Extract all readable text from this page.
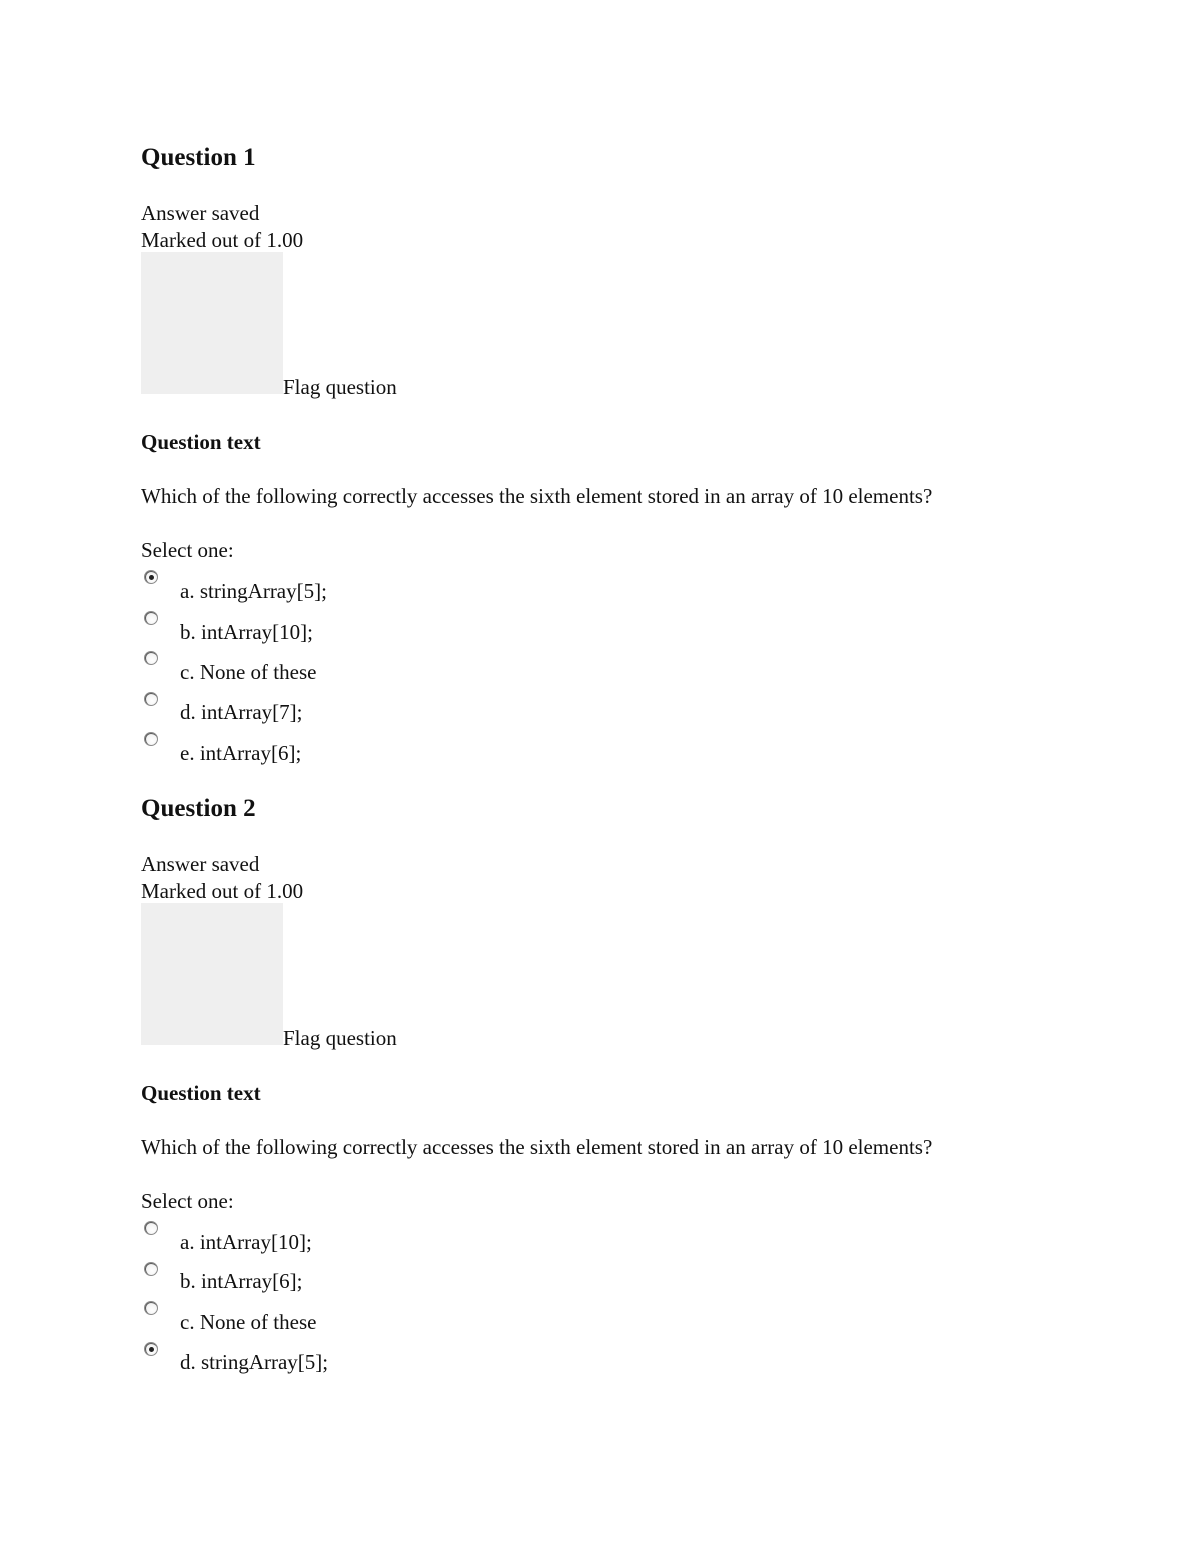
Question 1
Answer saved
Marked out of 1.00
Flag question
Question text
Which of the following correctly accesses the sixth element stored in an array of 10 elements?
Select one:
a. stringArray[5];
b. intArray[10];
c. None of these
d. intArray[7];
e. intArray[6];
Question 2
Answer saved
Marked out of 1.00
Flag question
Question text
Which of the following correctly accesses the sixth element stored in an array of 10 elements?
Select one:
a. intArray[10];
b. intArray[6];
c. None of these
d. stringArray[5];
